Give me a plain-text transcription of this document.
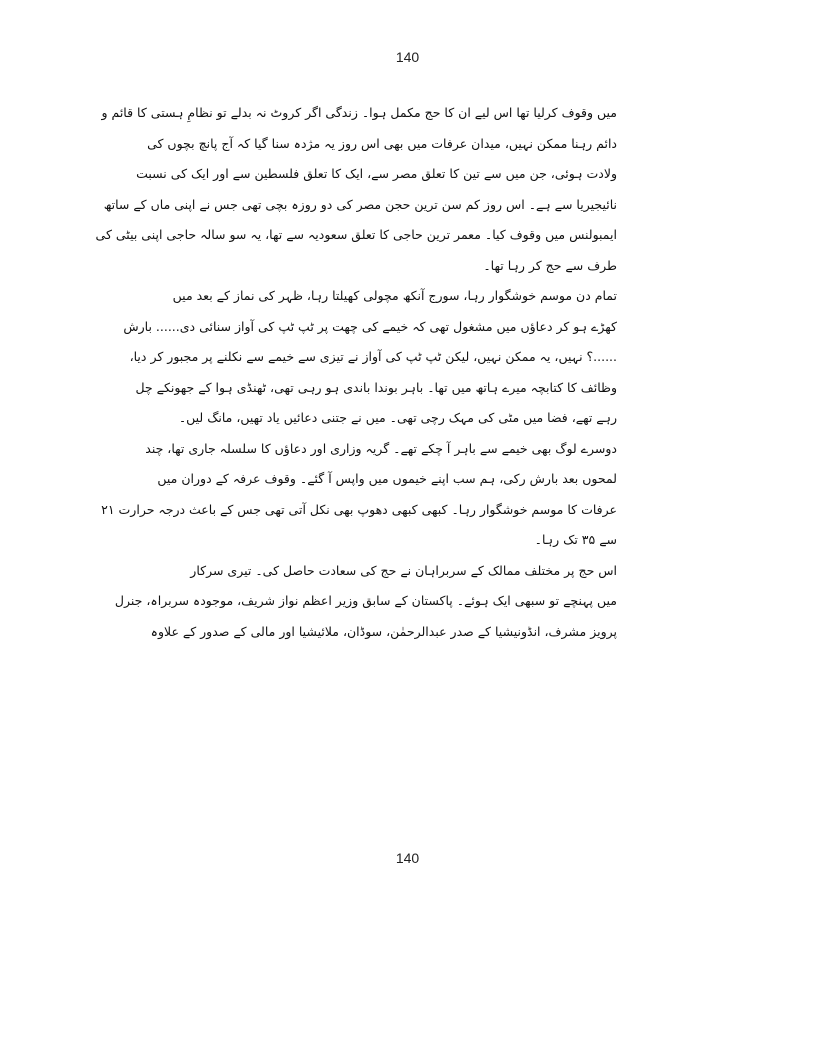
140

میں وقوف کرلیا تھا اس لیے ان کا حج مکمل ہوا۔ زندگی اگر کروٹ نہ بدلے تو نظامِ ہستی کا قائم و
دائم رہنا ممکن نہیں، میدان عرفات میں بھی اس روز یہ مژدہ سنا گیا کہ آج پانچ بچوں کی
ولادت ہوئی، جن میں سے تین کا تعلق مصر سے، ایک کا تعلق فلسطین سے اور ایک کی نسبت
نائیجیریا سے ہے۔ اس روز کم سن ترین حجن مصر کی دو روزہ بچی تھی جس نے اپنی ماں کے ساتھ
ایمبولنس میں وقوف کیا۔ معمر ترین حاجی کا تعلق سعودیہ سے تھا، یہ سو سالہ حاجی اپنی بیٹی کی
طرف سے حج کر رہا تھا۔

تمام دن موسم خوشگوار رہا، سورج آنکھ مچولی کھیلتا رہا، ظہر کی نماز کے بعد میں
کھڑے ہو کر دعاؤں میں مشغول تھی کہ خیمے کی چھت پر ٹپ ٹپ کی آواز سنائی دی...... بارش
......؟ نہیں، یہ ممکن نہیں، لیکن ٹپ ٹپ کی آواز نے تیزی سے خیمے سے نکلنے پر مجبور کر دیا،
وظائف کا کتابچہ میرے ہاتھ میں تھا۔ باہر بوندا باندی ہو رہی تھی، ٹھنڈی ہوا کے جھونکے چل
رہے تھے، فضا میں مٹی کی مہک رچی تھی۔ میں نے جتنی دعائیں یاد تھیں، مانگ لیں۔
دوسرے لوگ بھی خیمے سے باہر آ چکے تھے۔ گریہ وزاری اور دعاؤں کا سلسلہ جاری تھا، چند
لمحوں بعد بارش رکی، ہم سب اپنے خیموں میں واپس آ گئے۔ وقوف عرفہ کے دوران میں
عرفات کا موسم خوشگوار رہا۔ کبھی کبھی دھوپ بھی نکل آتی تھی جس کے باعث درجہ حرارت ۲۱
سے ۳۵ تک رہا۔

اس حج پر مختلف ممالک کے سربراہان نے حج کی سعادت حاصل کی۔ تیری سرکار
میں پہنچے تو سبھی ایک ہوئے۔ پاکستان کے سابق وزیر اعظم نواز شریف، موجودہ سربراہ، جنرل
پرویز مشرف، انڈونیشیا کے صدر عبدالرحمٰن، سوڈان، ملائیشیا اور مالی کے صدور کے علاوہ

140
